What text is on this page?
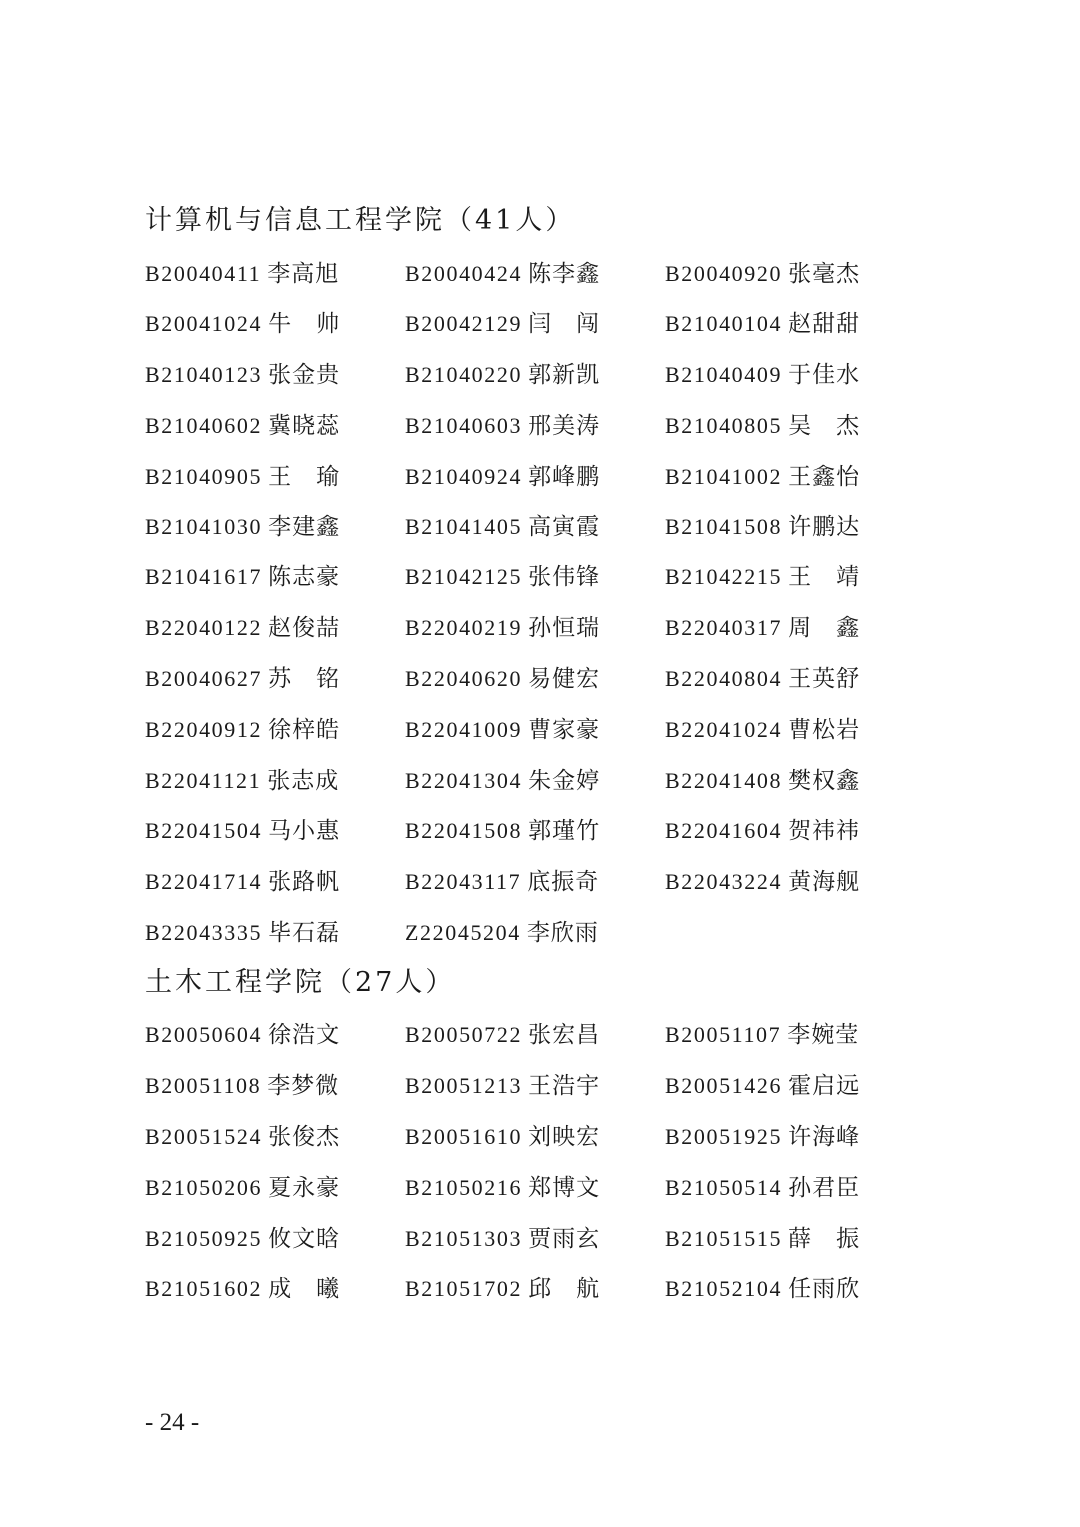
计算机与信息工程学院（41人）
B20040411 李高旭	B20040424 陈李鑫	B20040920 张毫杰
B20041024 牛帅	B20042129 闫闯	B21040104 赵甜甜
B21040123 张金贵	B21040220 郭新凯	B21040409 于佳水
B21040602 冀晓蕊	B21040603 邢美涛	B21040805 吴杰
B21040905 王瑜	B21040924 郭峰鹏	B21041002 王鑫怡
B21041030 李建鑫	B21041405 高寅霞	B21041508 许鹏达
B21041617 陈志豪	B21042125 张伟锋	B21042215 王靖
B22040122 赵俊喆	B22040219 孙恒瑞	B22040317 周鑫
B20040627 苏铭	B22040620 易健宏	B22040804 王英舒
B22040912 徐梓皓	B22041009 曹家豪	B22041024 曹松岩
B22041121 张志成	B22041304 朱金婷	B22041408 樊权鑫
B22041504 马小惠	B22041508 郭瑾竹	B22041604 贺祎祎
B22041714 张路帆	B22043117 底振奇	B22043224 黄海舰
B22043335 毕石磊	Z22045204 李欣雨
土木工程学院（27人）
B20050604 徐浩文	B20050722 张宏昌	B20051107 李婉莹
B20051108 李梦微	B20051213 王浩宇	B20051426 霍启远
B20051524 张俊杰	B20051610 刘映宏	B20051925 许海峰
B21050206 夏永豪	B21050216 郑博文	B21050514 孙君臣
B21050925 攸文晗	B21051303 贾雨玄	B21051515 薛振
B21051602 成曦	B21051702 邱航	B21052104 任雨欣
- 24 -
